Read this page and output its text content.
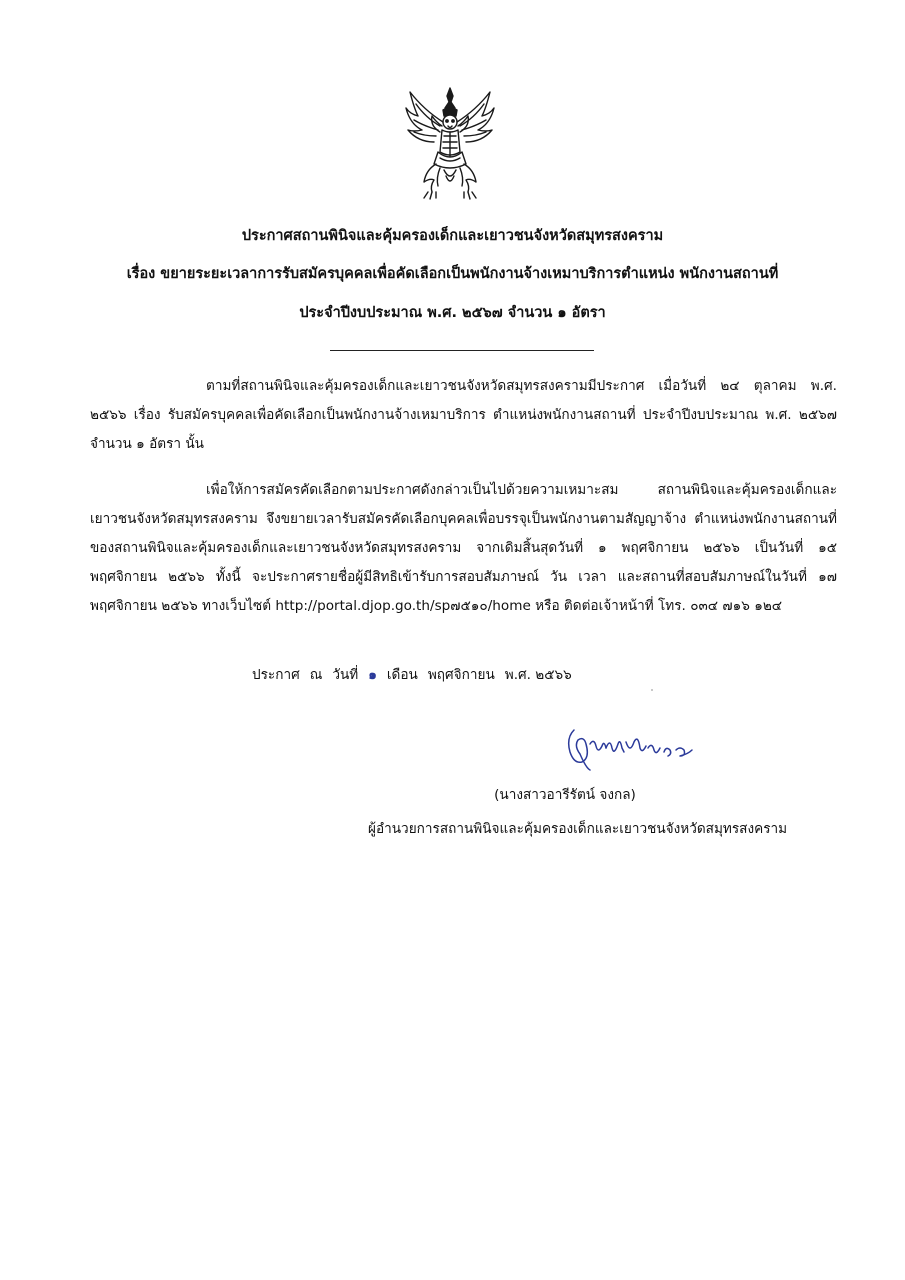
ประกาศสถานพินิจและคุ้มครองเด็กและเยาวชนจังหวัดสมุทรสงคราม
เรื่อง ขยายระยะเวลาการรับสมัครบุคคลเพื่อคัดเลือกเป็นพนักงานจ้างเหมาบริการตำแหน่ง พนักงานสถานที่
ประจำปีงบประมาณ พ.ศ. ๒๕๖๗ จำนวน ๑ อัตรา

ตามที่สถานพินิจและคุ้มครองเด็กและเยาวชนจังหวัดสมุทรสงครามมีประกาศ เมื่อวันที่ ๒๔ ตุลาคม พ.ศ. ๒๕๖๖ เรื่อง รับสมัครบุคคลเพื่อคัดเลือกเป็นพนักงานจ้างเหมาบริการ ตำแหน่งพนักงานสถานที่ ประจำปีงบประมาณ พ.ศ. ๒๕๖๗ จำนวน ๑ อัตรา นั้น

เพื่อให้การสมัครคัดเลือกตามประกาศดังกล่าวเป็นไปด้วยความเหมาะสม สถานพินิจและคุ้มครองเด็กและเยาวชนจังหวัดสมุทรสงคราม จึงขยายเวลารับสมัครคัดเลือกบุคคลเพื่อบรรจุเป็นพนักงานตามสัญญาจ้าง ตำแหน่งพนักงานสถานที่ของสถานพินิจและคุ้มครองเด็กและเยาวชนจังหวัดสมุทรสงคราม จากเดิมสิ้นสุดวันที่ ๑ พฤศจิกายน ๒๕๖๖ เป็นวันที่ ๑๕ พฤศจิกายน ๒๕๖๖ ทั้งนี้ จะประกาศรายชื่อผู้มีสิทธิเข้ารับการสอบสัมภาษณ์ วัน เวลา และสถานที่สอบสัมภาษณ์ในวันที่ ๑๗ พฤศจิกายน ๒๕๖๖ ทางเว็บไซต์ http://portal.djop.go.th/sp๗๕๑๐/home หรือ ติดต่อเจ้าหน้าที่ โทร. ๐๓๔ ๗๑๖ ๑๒๔

ประกาศ ณ วันที่ ๑ เดือน พฤศจิกายน พ.ศ. ๒๕๖๖
(นางสาวอารีรัตน์ จงกล)
ผู้อำนวยการสถานพินิจและคุ้มครองเด็กและเยาวชนจังหวัดสมุทรสงคราม
